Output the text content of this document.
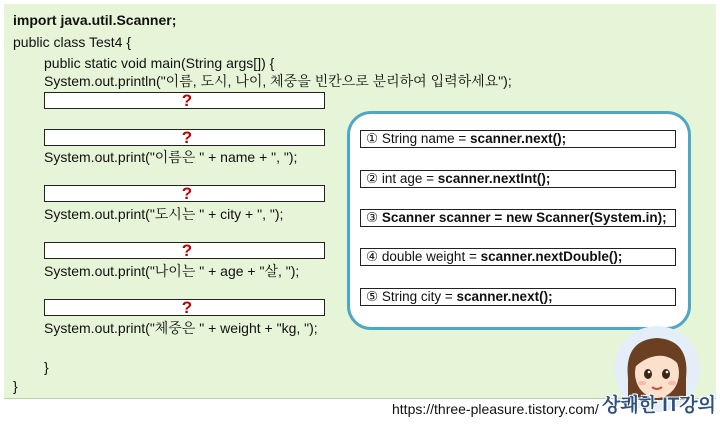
import java.util.Scanner;
public class Test4 {
public static void main(String args[]) {
System.out.println("이름, 도시, 나이, 체중을 빈칸으로 분리하여 입력하세요");
?
?
System.out.print("이름은 " + name + ", ");
?
System.out.print("도시는 " + city + ", ");
?
System.out.print("나이는 " + age + "살, ");
?
System.out.print("체중은 " + weight + "kg, ");
}
}
① String name = scanner.next();
② int age = scanner.nextInt();
③ Scanner scanner = new Scanner(System.in);
④ double weight = scanner.nextDouble();
⑤ String city = scanner.next();
https://three-pleasure.tistory.com/ 상쾌한 IT강의
